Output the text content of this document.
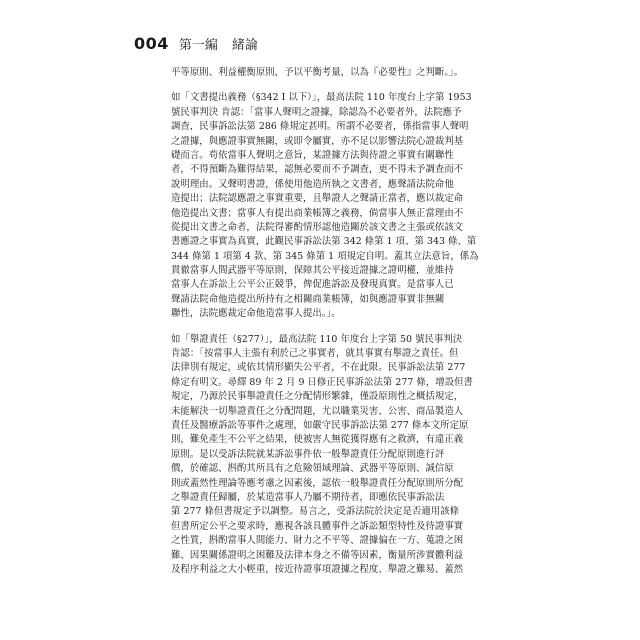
004 第一編 緒論
平等原則、利益權衡原則，予以平衡考量，以為『必要性』之判斷。」。
如「文書提出義務（§342 I 以下）」，最高法院 110 年度台上字第 1953
號民事判決 肯認：「當事人聲明之證據，除認為不必要者外，法院應予
調查，民事訴訟法第 286 條規定甚明。所謂不必要者，係指當事人聲明
之證據，與應證事實無關，或即令屬實，亦不足以影響法院心證裁判基
礎而言。苟依當事人聲明之意旨，某證據方法與待證之事實有關聯性
者，不得預斷為難得結果，認無必要而不予調查，更不得未予調查而不
說明理由。又聲明書證，係使用他造所執之文書者，應聲請法院命他
造提出；法院認應證之事實重要，且舉證人之聲請正當者，應以裁定命
他造提出文書；當事人有提出商業帳簿之義務，倘當事人無正當理由不
從提出文書之命者，法院得審酌情形認他造關於該文書之主張或依該文
書應證之事實為真實，此觀民事訴訟法第 342 條第 1 項、第 343 條、第
344 條第 1 項第 4 款、第 345 條第 1 項規定自明。蓋其立法意旨，係為
貫徹當事人間武器平等原則，保障其公平接近證據之證明權，並維持
當事人在訴訟上公平公正競爭，俾促進訴訟及發現真實。是當事人已
聲請法院命他造提出所持有之相關商業帳簿，如與應證事實非無關
聯性，法院應裁定命他造當事人提出。」。
如「舉證責任（§277）」，最高法院 110 年度台上字第 50 號民事判決
肯認：「按當事人主張有利於己之事實者，就其事實有舉證之責任。但
法律別有規定，或依其情形顯失公平者，不在此限。民事訴訟法第 277
條定有明文。尋繹 89 年 2 月 9 日修正民事訴訟法第 277 條，增設但書
規定，乃源於民事舉證責任之分配情形繁雜，僅設原則性之概括規定，
未能解決一切舉證責任之分配問題，尤以職業災害、公害、商品製造人
責任及醫療訴訟等事件之處理，如嚴守民事訴訟法第 277 條本文所定原
則，難免產生不公平之結果，使被害人無從獲得應有之救濟，有違正義
原則。是以受訴法院就某訴訟事件依一般舉證責任分配原則進行評
價，於確認、斟酌其所具有之危險領域理論、武器平等原則、誠信原
則或蓋然性理論等應考慮之因素後，認依一般舉證責任分配原則所分配
之舉證責任歸屬，於某造當事人乃屬不期待者，即應依民事訴訟法
第 277 條但書規定予以調整。易言之，受訴法院於決定是否適用該條
但書所定公平之要求時，應視各該具體事件之訴訟類型特性及待證事實
之性質，斟酌當事人間能力、財力之不平等、證據偏在一方、蒐證之困
難、因果關係證明之困難及法律本身之不備等因素，衡量所涉實體利益
及程序利益之大小輕重，按近待證事項證據之程度、舉證之難易、蓋然
